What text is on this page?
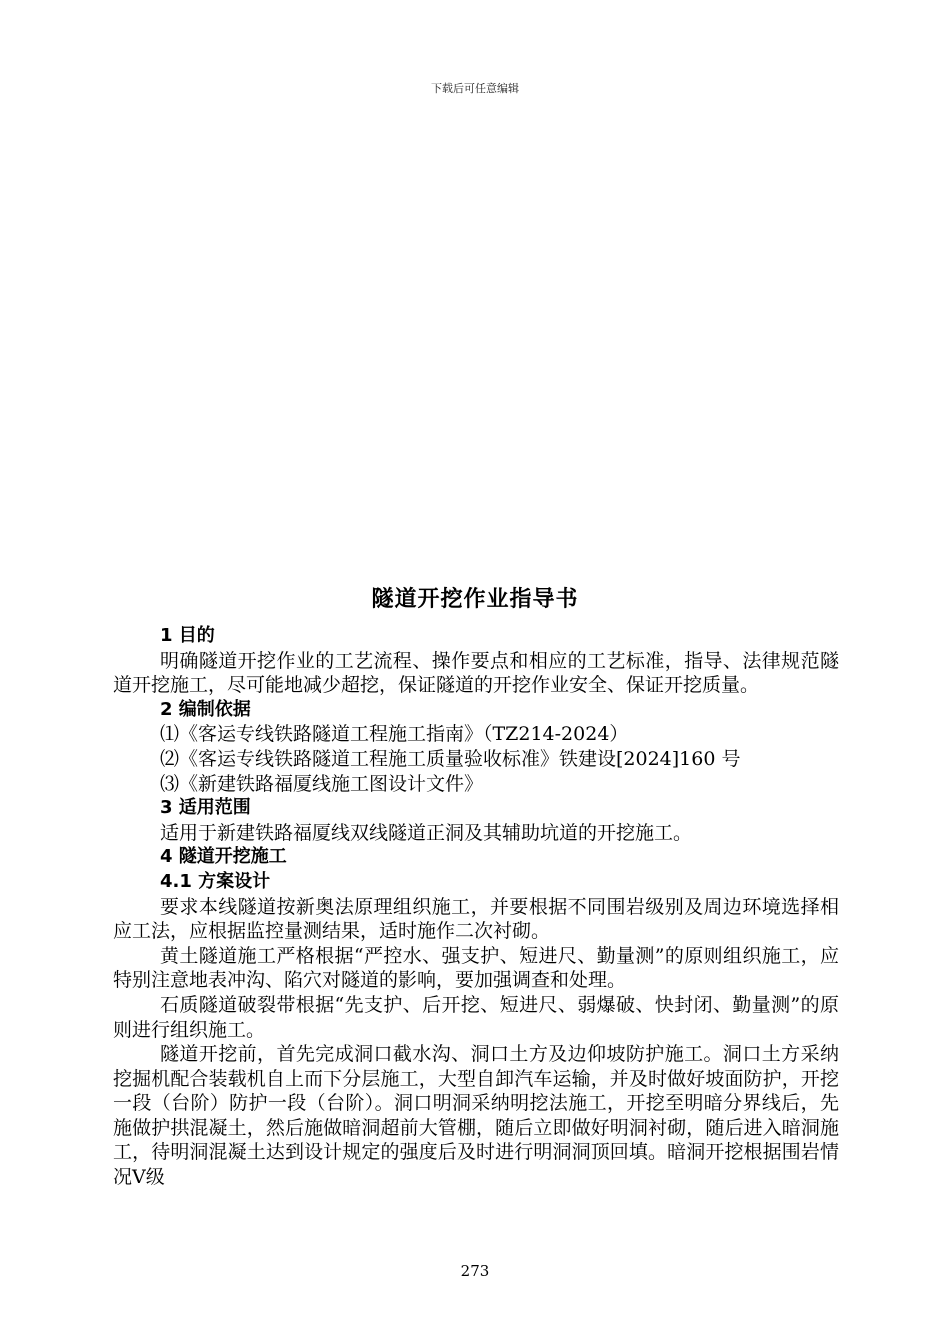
下载后可任意编辑
隧道开挖作业指导书

1 目的

明确隧道开挖作业的工艺流程、操作要点和相应的工艺标准，指导、法律规范隧道开挖施工，尽可能地减少超挖，保证隧道的开挖作业安全、保证开挖质量。

2 编制依据

⑴《客运专线铁路隧道工程施工指南》（TZ214-2024）

⑵《客运专线铁路隧道工程施工质量验收标准》铁建设[2024]160 号

⑶《新建铁路福厦线施工图设计文件》

3 适用范围

适用于新建铁路福厦线双线隧道正洞及其辅助坑道的开挖施工。

4 隧道开挖施工

4.1 方案设计

要求本线隧道按新奥法原理组织施工，并要根据不同围岩级别及周边环境选择相应工法，应根据监控量测结果，适时施作二次衬砌。

黄土隧道施工严格根据“严控水、强支护、短进尺、勤量测”的原则组织施工，应特别注意地表冲沟、陷穴对隧道的影响，要加强调查和处理。

石质隧道破裂带根据“先支护、后开挖、短进尺、弱爆破、快封闭、勤量测”的原则进行组织施工。

隧道开挖前，首先完成洞口截水沟、洞口土方及边仰坡防护施工。洞口土方采纳挖掘机配合装载机自上而下分层施工，大型自卸汽车运输，并及时做好坡面防护，开挖一段（台阶）防护一段（台阶）。洞口明洞采纳明挖法施工，开挖至明暗分界线后，先施做护拱混凝土，然后施做暗洞超前大管棚，随后立即做好明洞衬砌，随后进入暗洞施工，待明洞混凝土达到设计规定的强度后及时进行明洞洞顶回填。暗洞开挖根据围岩情况Ⅴ级

273
